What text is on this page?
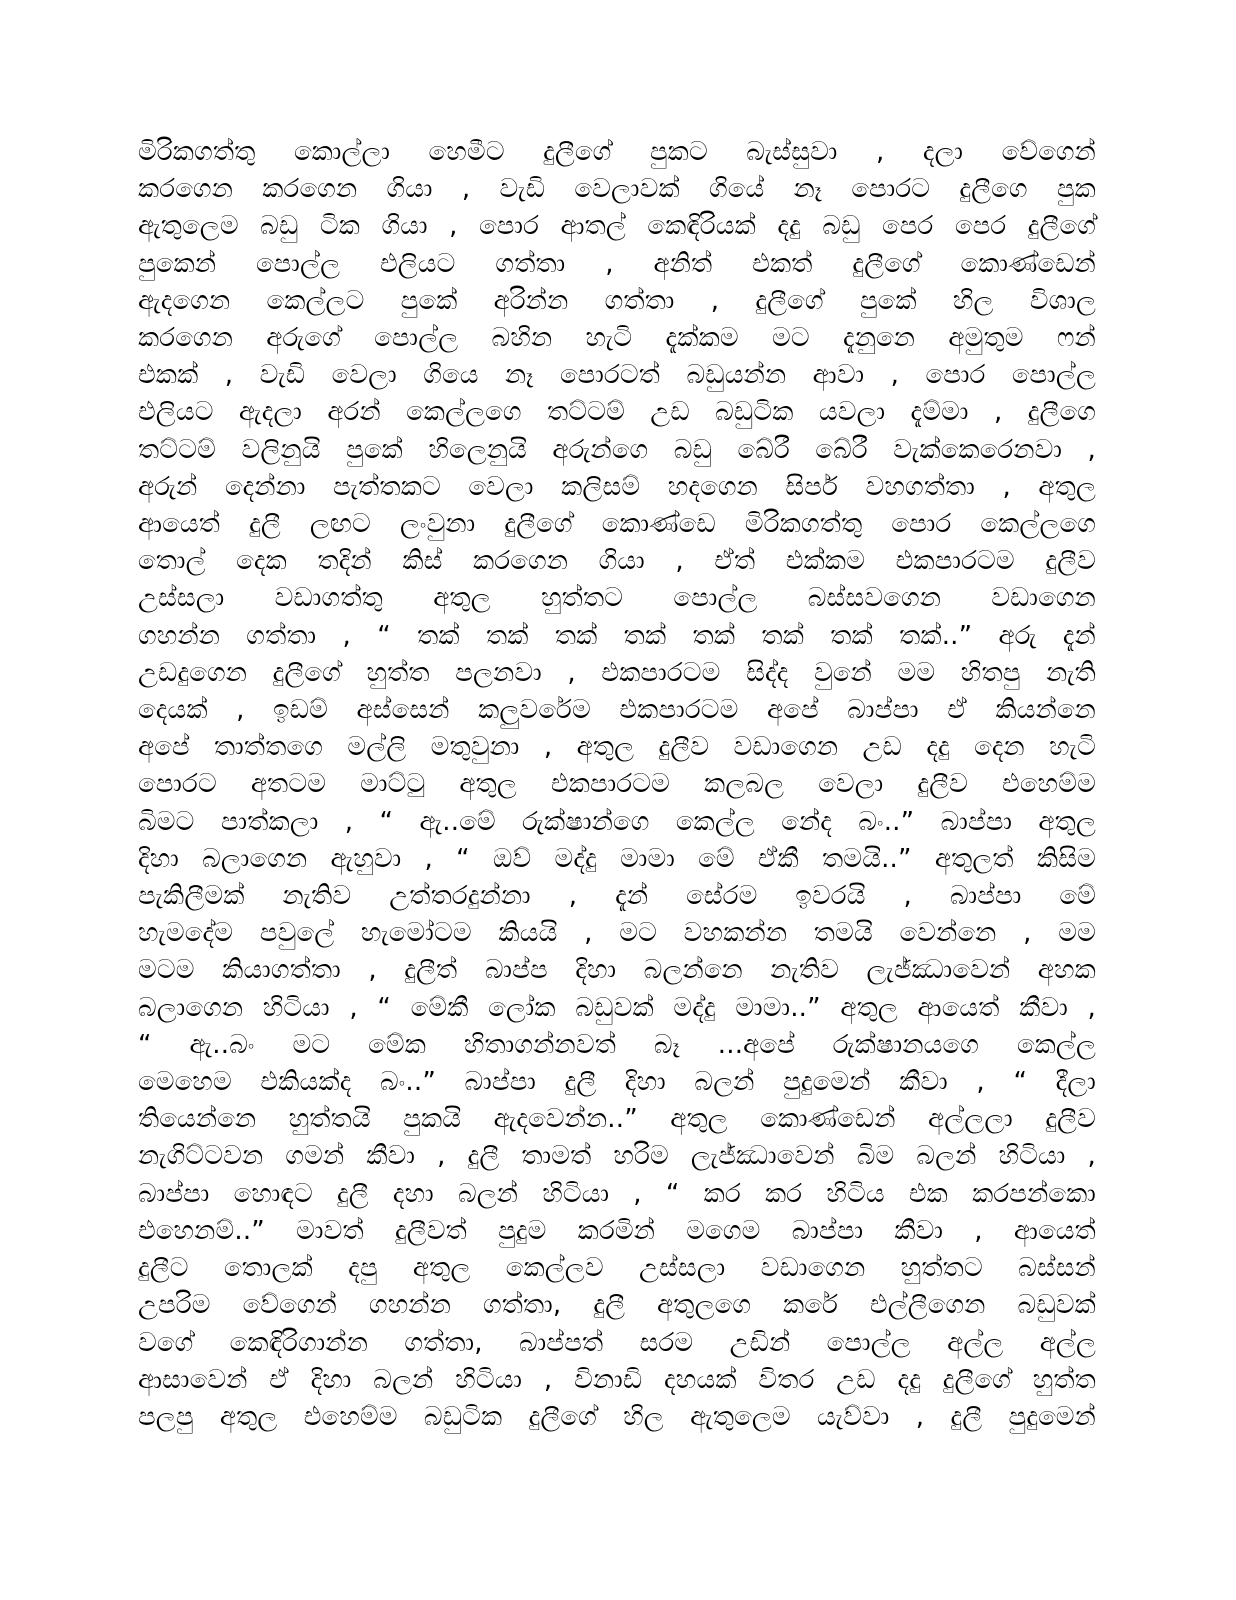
මිරිකගත්තු කොල්ලා හෙමීට දුලීගේ පුකට බැස්සුවා , දලා වේගෙන්
කරගෙන කරගෙන ගියා , වැඩි වෙලාවක් ගියේ නෑ පොරට දුලීගෙ පුක
ඇතුලෙම බඩු ටික ගියා , පොර ආතල් කෙඳිරියක් දදු බඩු පෙර පෙර දුලීගේ
පුකෙන් පොල්ල එලියට ගත්තා , අනිත් එකත් දුලීගේ කොණ්ඩෙන්
ඇදගෙන කෙල්ලට පුකේ අරින්න ගත්තා , දුලීගේ පුකේ හිල විශාල
කරගෙන අරුගේ පොල්ල බහින හැටි දැක්කම මට දැනුනෙ අමුතුම ෆන්
එකක් , වැඩි වෙලා ගියෙ නෑ පොරටත් බඩුයන්න ආවා , පොර පොල්ල
එලියට ඇදලා අරන් කෙල්ලගෙ තට්ටම් උඩ බඩුටික යවලා දැම්මා , දුලීගෙ
තට්ටම් වලිනුයි පුකේ හිලෙනුයි අරුන්ගෙ බඩු බේරී බේරී වැක්කෙරෙනවා ,
අරුන් දෙන්නා පැත්තකට වෙලා කලිසම් හදගෙන සිපර් වහගත්තා , අතුල
ආයෙත් දුලී ලඟට ලංවුනා දුලීගේ කොණ්ඩෙ මිරිකගත්තු පොර කෙල්ලගෙ
තොල් දෙක තදින් කිස් කරගෙන ගියා , ඒත් එක්කම එකපාරටම දුලීව
උස්සලා වඩාගත්තු අතුල හුත්තට පොල්ල බස්සවගෙන වඩාගෙන
ගහන්න ගත්තා , “ තක් තක් තක් තක් තක් තක් තක් තක්..” අරු දැන්
උඩදුගෙන දුලීගේ හුත්ත පලනවා , එකපාරටම සිද්ද වුනේ මම හිතපු නැති
දෙයක් , ඉඩම් අස්සෙන් කලුවරේම එකපාරටම අපේ බාප්පා ඒ කියන්නෙ
අපේ තාත්තගෙ මල්ලි මතුවුනා , අතුල දුලීව වඩාගෙන උඩ දදු දෙන හැටි
පොරට අතටම මාට්ටු අතුල එකපාරටම කලබල වෙලා දුලීව එහෙම්ම
බිමට පාත්කලා , “ ඇ..මේ රුක්ෂාන්ගෙ කෙල්ල නේද බං..” බාප්පා අතුල
දිහා බලාගෙන ඇහුවා , “ ඔව් මද්දු මාමා මේ ඒකී තමයි..” අතුලත් කිසිම
පැකිලීමක් නැතිව උත්තරදුන්නා , දැන් සේරම ඉවරයි , බාප්පා මේ
හැමදේම පවුලේ හැමෝටම කියයි , මට වහකන්න තමයි වෙන්නෙ , මම
මටම කියාගත්තා , දුලීත් බාප්ප දිහා බලන්නෙ නැතිව ලැජ්ඣාවෙන් අහක
බලාගෙන හිටියා , “ මේකී ලෝක බඩුවක් මද්දු මාමා..” අතුල ආයෙත් කීවා ,
“ ඇ..බං මට මේක හිතාගන්නවත් බෑ ...අපේ රුක්ෂානයගෙ කෙල්ල
මෙහෙම එකියක්ද බං..” බාප්පා දුලී දිහා බලන් පුදුමෙන් කීවා , “ දීලා
තියෙන්නෙ හුත්තයි පුකයි ඇදවෙන්න..” අතුල කොණ්ඩෙන් අල්ලලා දුලීව
නැගිට්ටවන ගමන් කීවා , දුලී තාමත් හරිම ලැජ්ඣාවෙන් බිම බලන් හිටියා ,
බාප්පා හොඳට දුලී දහා බලන් හිටියා , “ කර කර හිටිය එක කරපන්කො
එහෙනම්..” මාවත් දුලීවත් පුදුම කරමින් මගෙම බාප්පා කීවා , ආයෙත්
දුලීට තොලක් දපු අතුල කෙල්ලව උස්සලා වඩාගෙන හුත්තට බස්සන්
උපරිම වේගෙන් ගහන්න ගත්තා, දුලී අතුලගෙ කරේ එල්ලීගෙන බඩුවක්
වගේ කෙඳිරිගාන්න ගත්තා, බාප්පත් සරම උඩින් පොල්ල අල්ල අල්ල
ආසාවෙන් ඒ දිහා බලන් හිටියා , විනාඩි දහයක් විතර උඩ දදු දුලීගේ හුත්ත
පලපු අතුල එහෙම්ම බඩුටික දුලීගේ හිල ඇතුලෙම යැව්වා , දුලී පුදුමෙන්
